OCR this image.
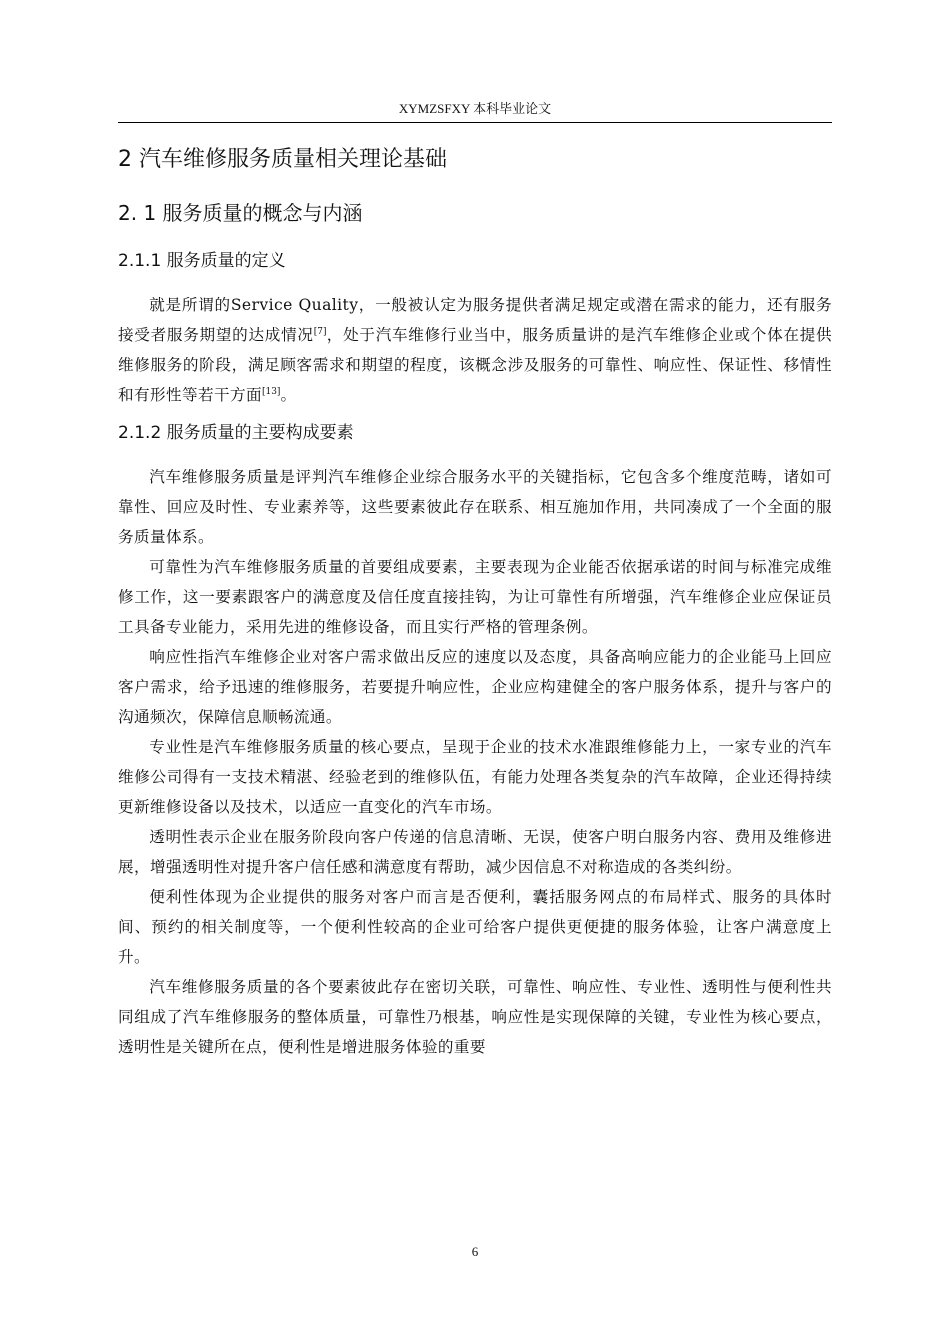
XYMZSFXY 本科毕业论文
2 汽车维修服务质量相关理论基础
2. 1 服务质量的概念与内涵
2.1.1 服务质量的定义

就是所谓的Service Quality，一般被认定为服务提供者满足规定或潜在需求的能力，还有服务接受者服务期望的达成情况[7]，处于汽车维修行业当中，服务质量讲的是汽车维修企业或个体在提供维修服务的阶段，满足顾客需求和期望的程度，该概念涉及服务的可靠性、响应性、保证性、移情性和有形性等若干方面[13]。

2.1.2 服务质量的主要构成要素

汽车维修服务质量是评判汽车维修企业综合服务水平的关键指标，它包含多个维度范畴，诸如可靠性、回应及时性、专业素养等，这些要素彼此存在联系、相互施加作用，共同凑成了一个全面的服务质量体系。

可靠性为汽车维修服务质量的首要组成要素，主要表现为企业能否依据承诺的时间与标准完成维修工作，这一要素跟客户的满意度及信任度直接挂钩，为让可靠性有所增强，汽车维修企业应保证员工具备专业能力，采用先进的维修设备，而且实行严格的管理条例。

响应性指汽车维修企业对客户需求做出反应的速度以及态度，具备高响应能力的企业能马上回应客户需求，给予迅速的维修服务，若要提升响应性，企业应构建健全的客户服务体系，提升与客户的沟通频次，保障信息顺畅流通。

专业性是汽车维修服务质量的核心要点，呈现于企业的技术水准跟维修能力上，一家专业的汽车维修公司得有一支技术精湛、经验老到的维修队伍，有能力处理各类复杂的汽车故障，企业还得持续更新维修设备以及技术，以适应一直变化的汽车市场。

透明性表示企业在服务阶段向客户传递的信息清晰、无误，使客户明白服务内容、费用及维修进展，增强透明性对提升客户信任感和满意度有帮助，减少因信息不对称造成的各类纠纷。

便利性体现为企业提供的服务对客户而言是否便利，囊括服务网点的布局样式、服务的具体时间、预约的相关制度等，一个便利性较高的企业可给客户提供更便捷的服务体验，让客户满意度上升。

汽车维修服务质量的各个要素彼此存在密切关联，可靠性、响应性、专业性、透明性与便利性共同组成了汽车维修服务的整体质量，可靠性乃根基，响应性是实现保障的关键，专业性为核心要点，透明性是关键所在点，便利性是增进服务体验的重要

6
